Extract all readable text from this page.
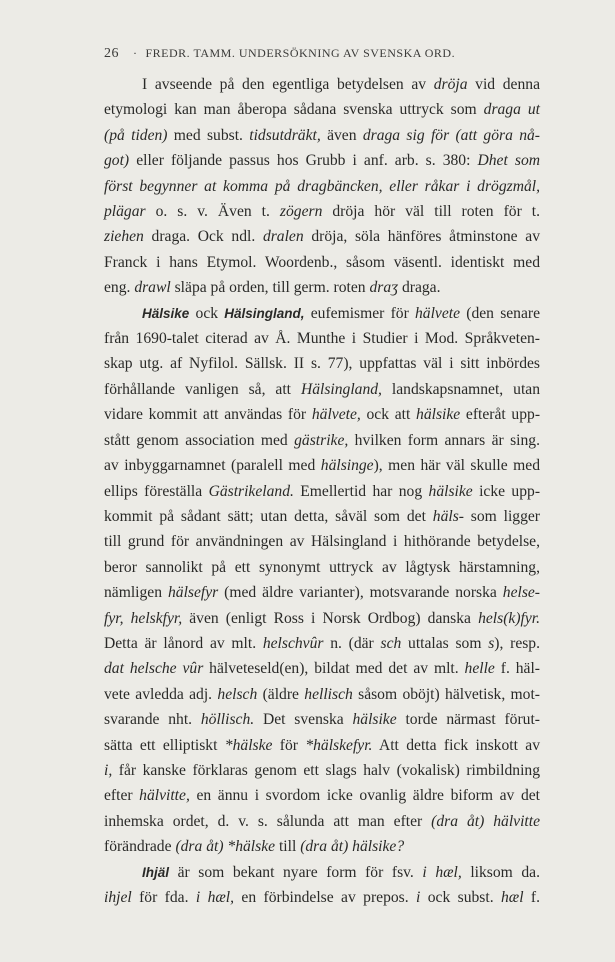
26 · FREDR. TAMM. UNDERSÖKNING AV SVENSKA ORD.
I avseende på den egentliga betydelsen av dröja vid denna
etymologi kan man åberopa sådana svenska uttryck som draga ut
(på tiden) med subst. tidsutdräkt, även draga sig för (att göra nå-
got) eller följande passus hos Grubb i anf. arb. s. 380: Dhet som
först begynner at komma på dragbäncken, eller råkar i drögzmål,
plägar o. s. v. Även t. zögern dröja hör väl till roten för t.
ziehen draga. Ock ndl. dralen dröja, söla hänföres åtminstone av
Franck i hans Etymol. Woordenb., såsom väsentl. identiskt med
eng. drawl släpa på orden, till germ. roten draʒ draga.
Hälsike ock Hälsingland, eufemismer för hälvete (den senare
från 1690-talet citerad av Å. Munthe i Studier i Mod. Språkveten-
skap utg. af Nyfilol. Sällsk. II s. 77), uppfattas väl i sitt inbördes
förhållande vanligen så, att Hälsingland, landskapsnamnet, utan
vidare kommit att användas för hälvete, ock att hälsike efteråt upp-
stått genom association med gästrike, hvilken form annars är sing.
av inbyggarnamnet (paralell med hälsinge), men här väl skulle med
ellips föreställa Gästrikeland. Emellertid har nog hälsike icke upp-
kommit på sådant sätt; utan detta, såväl som det häls- som ligger
till grund för användningen av Hälsingland i hithörande betydelse,
beror sannolikt på ett synonymt uttryck av lågtysk härstamning,
nämligen hälsefyr (med äldre varianter), motsvarande norska helse-
fyr, helskfyr, även (enligt Ross i Norsk Ordbog) danska hels(k)fyr.
Detta är lånord av mlt. helschvûr n. (där sch uttalas som s), resp.
dat helsche vûr hälveteseld(en), bildat med det av mlt. helle f. häl-
vete avledda adj. helsch (äldre hellisch såsom oböjt) hälvetisk, mot-
svarande nht. höllisch. Det svenska hälsike torde närmast förut-
sätta ett elliptiskt *hälske för *hälskefyr. Att detta fick inskott av
i, får kanske förklaras genom ett slags halv (vokalisk) rimbildning
efter hälvitte, en ännu i svordom icke ovanlig äldre biform av det
inhemska ordet, d. v. s. sålunda att man efter (dra åt) hälvitte
förändrade (dra åt) *hälske till (dra åt) hälsike?
Ihjäl är som bekant nyare form för fsv. i hæl, liksom da.
ihjel för fda. i hæl, en förbindelse av prepos. i ock subst. hæl f.
